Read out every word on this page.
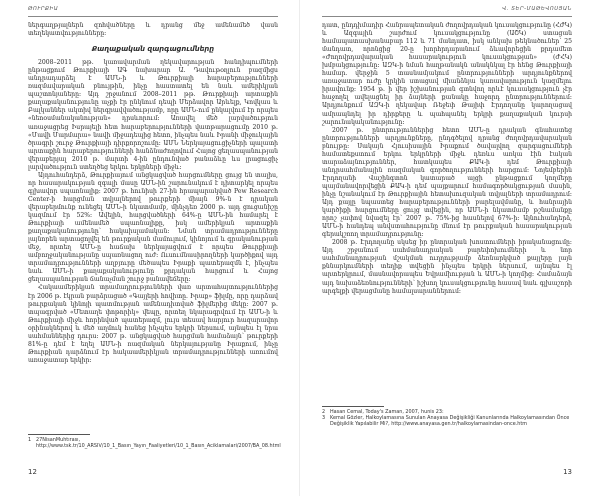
ԹՈՒՐՔԻԱ

ներգաղթյալներն զոհվածները և դրանց մեջ ամենամեծ վասն տեղեկատվությունները։

Քաղաքական զարգացումները

2008–2011 թթ. կառավարման ղեկավարության հանդիպումների ընթացքում Թուրքիայի ԱԳ նախարար Ա. Դավութօղլուն բազմիցս անդրադարձել է ԱՄՆ-ի և Թուրքիայի հարաբերությունների ռազմավարական բնույթին, ինչը հաստատել են նաև ամերիկյան պաշտոնյաները։ Այդ շրջանում 2008–2011 թթ. Թուրքիայի արտաքին քաղաքականությունը աչքի էր ընկնում դեպի Մերձավոր Արևելք, Կովկաս և Բալկաններ ակտիվ ներգրավվածությամբ, որը ԱՄՆ-ում ընկալվում էր որպես «նեոօսմանականության» դրսևորում։ Առավել մեծ լարվածություն առաջացրեց Իսրայելի հետ հարաբերությունների վատթարացումը 2010 թ. «Մավի Մարմարա» նավի միջադեպից հետո, ինչպես նաև Իրանի միջուկային ծրագրի շուրջ Թուրքիայի դիրքորոշումը։ ԱՄՆ Ներկայացուցիչների պալատի արտաքին հարաբերությունների հանձնաժողովում Հայոց ցեղասպանության վերաբերյալ 2010 թ. մարտի 4-ին ընդունված բանաձևը ևս լրացուցիչ լարվածություն ստեղծեց երկու երկրների միջև։

Այդուհանդերձ, Թուրքիայում անցկացված հարցումները ցույց են տալիս, որ հասարակության զգալի մասը ԱՄՆ-ին շարունակում է դիտարկել որպես գլխավոր սպառնալիք։ 2007 թ. հունիսի 27-ին հրապարակված Pew Research Center-ի հարցման տվյալներով թուրքերի միայն 9%-ն է դրական վերաբերմունք ունեցել ԱՄՆ-ի նկատմամբ, մինչդեռ 2000 թ. այդ ցուցանիշը կազմում էր 52%։ Ավելին, հարցվածների 64%-ը ԱՄՆ-ին համարել է Թուրքիայի ամենամեծ սպառնալիքը, իսկ ամերիկյան արտաքին քաղաքականությունը՝ հակաիսլամական։ Նման տրամադրությունները լայնորեն արտացոլվել են թուրքական մամուլում, կինոյում և գրականության մեջ, որտեղ ԱՄՆ-ը հաճախ ներկայացվում է որպես Թուրքիայի ամբողջականությանը սպառնացող ուժ։ Ուսումնասիրողների կարծիքով այդ տրամադրությունների աղբյուրը մեծապես Իրաքի պատերազմն է, ինչպես նաև ԱՄՆ-ի քաղաքականությունը քրդական հարցում և Հայոց ցեղասպանության ճանաչման շուրջ բանավեճերը։

Հակաամերիկյան տրամադրությունների վառ արտահայտություններից էր 2006 թ. էկրան բարձրացած «Գայլերի հովիտը. Իրաք» ֆիլմը, որը դարձավ թուրքական կինոյի պատմության ամենադիտված ֆիլմերից մեկը։ 2007 թ. տպագրված «Մետաղե փոթորիկ» վեպը, որտեղ նկարագրվում էր ԱՄՆ-ի և Թուրքիայի միջև հորինված պատերազմ, լույս տեսավ հարյուր հազարավոր օրինակներով և մեծ աղմուկ հանեց ինչպես երկրի ներսում, այնպես էլ նրա սահմաններից դուրս։ 2007 թ. անցկացված հարցման համաձայն՝ թուրքերի 81%-ը դեմ է եղել ԱՄՆ-ի ռազմական ներկայությանը Իրաքում, ինչը Թուրքիան դարձնում էր հակաամերիկյան տրամադրությունների առումով առաջատար երկիր։

1 27NisanMuhtırası, http://www.tsk.tr/10_ARSIV/10_1_Basın_Yayın_Faaliyetleri/10_1_Basın_Aciklamalari/2007/BA_08.html
12
Վ. ՏԵՐ-ՄԱԹԵՎՈՍՅԱՆ

դատ, ընդդիմադիր Հանրապետական ժողովրդական կուսակցությունը (ՀԺԿ) և Ազգային շարժում կուսակցությունը (ԱՇԿ) ստացան համապատասխանաբար 112 և 71 մանդատ, իսկ անկախ թեկնածուներ՝ 25 մանդատ, որոնցից 20-ը խորհրդարանում ձևավորեցին քրդամետ «Ժողովրդավարական հասարակություն կուսակցության» (ԺՀԿ) խմբակցությունը։ ԱԶԿ-ի նման հաղթանակն անակնկալ էր հենց Թուրքիայի համար. վերջին 5 տասնամյակում ընտրությունների արդյունքներով առաջատար ուժը կրկին ստացավ միանձնյա կառավարություն կազմելու իրավունք։ 1954 թ. ի վեր իշխանության գտնվող որևէ կուսակցություն չէր հաջողել ավելացնել իր ձայների քանակը հաջորդ ընտրություններում։ Արդյունքում ԱԶԿ-ի ղեկավար Ռեջեփ Թայիփ Էրդողանը կարողացավ ամրապնդել իր դիրքերը և պահպանել երկրի քաղաքական կուրսի շարունակականությունը։

2007 թ. ընտրություններից հետո ԱՄՆ-ը դրական գնահատեց ընտրությունների արդյունքները, ընդգծելով դրանց ժողովրդավարական բնույթը։ Սակայն Հյուսիսային Իրաքում ծավալվող զարգացումների համատեքստում երկու երկրների միջև դեռևս առկա էին էական տարաձայնություններ, հատկապես ՔԱԿ-ի դեմ Թուրքիայի անդրսահմանային ռազմական գործողությունների հարցում։ Նոյեմբերին Էրդողանի Վաշինգտոն կատարած այցի ընթացքում կողմերը պայմանավորվեցին ՔԱԿ-ի դեմ պայքարում համագործակցության մասին, ինչը նշանակում էր Թուրքիային հետախուզական տվյալների տրամադրում։ Այդ քայլը նպաստեց հարաբերությունների բարելավմանը, և հանրային կարծիքի հարցումները ցույց տվեցին, որ ԱՄՆ-ի նկատմամբ թշնամանքը որոշ չափով նվազել էր՝ 2007 թ. 75%-ից հասնելով 67%-ի։ Այնուհանդերձ, ԱՄՆ-ի հանդեպ անվստահությունը մնում էր թուրքական հասարակության գերակշռող տրամադրությունը։

2008 թ. Էրդողանը սկսեց իր ընտրական խոստումների իրականացումը։ Այդ շրջանում սահմանադրական բարեփոխումների և նոր սահմանադրության մշակման ուղղությամբ ձեռնարկված քայլերը լայն քննարկումների տեղիք տվեցին ինչպես երկրի ներսում, այնպես էլ արտերկրում, մասնավորապես Եվրամիության և ԱՄՆ-ի կողմից։ Համաձայն այդ նախաձեռնությունների՝ իշխող կուսակցությունը հասավ նաև գլխաշորի արգելքի վերացմանը համալսարաններում։

2 Hasan Cemal, Today's Zaman, 2007, hunis 23:
3 Kemal Gözler, Halkoylamasına Sunulan Anayasa Değişikliği Kanunlarında Halkoylamasından Önce Değişiklik Yapılabilir Mi?, http://www.anayasa.gen.tr/halkoylamasindan-once.htm
13
